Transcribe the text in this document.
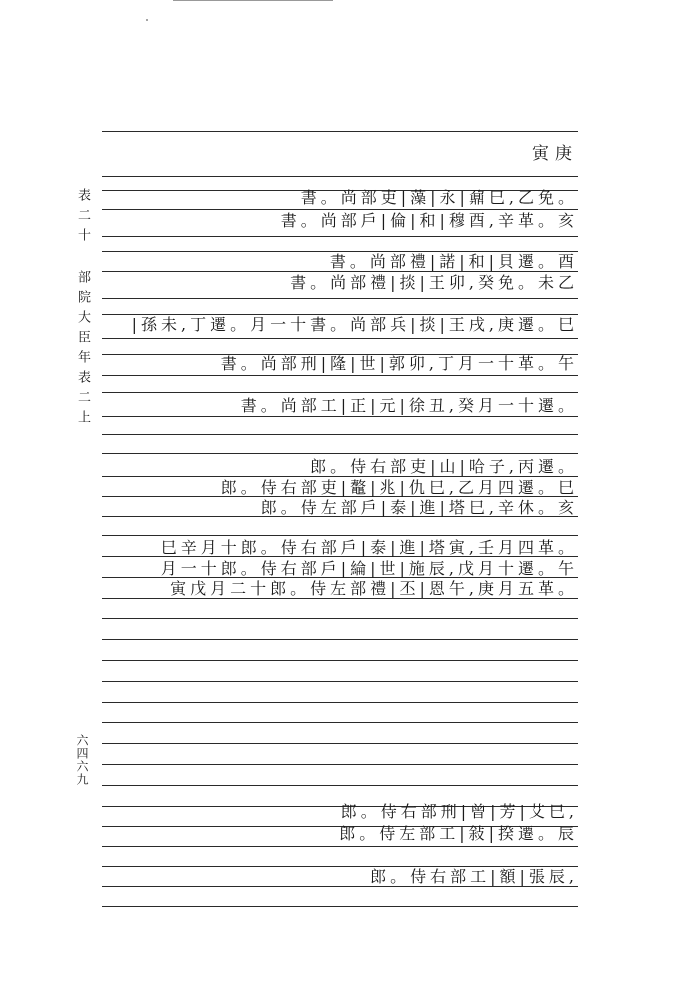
表二十 部院大臣年表二上
六四六九
寅庚
書。尚部吏|藻|永|鼐巳,乙免。
書。尚部戶|倫|和|穆酉,辛革。亥
書。尚部禮|諾|和|貝遷。酉
書。尚部禮|掞|王卯,癸免。未乙
|孫未,丁遷。月一十書。尚部兵|掞|王戌,庚遷。巳
書。尚部刑|隆|世|郭卯,丁月一十革。午
書。尚部工|正|元|徐丑,癸月一十遷。
郎。侍右部吏|山|哈子,丙遷。
郎。侍右部吏|鼇|兆|仇巳,乙月四遷。巳
郎。侍左部戶|泰|進|塔巳,辛休。亥
巳辛月十郎。侍右部戶|泰|進|塔寅,壬月四革。
月一十郎。侍右部戶|綸|世|施辰,戊月十遷。午
寅戊月二十郎。侍左部禮|丕|恩午,庚月五革。
郎。侍右部刑|曾|芳|艾巳,
郎。侍左部工|敍|揆遷。辰
郎。侍右部工|額|張辰,
